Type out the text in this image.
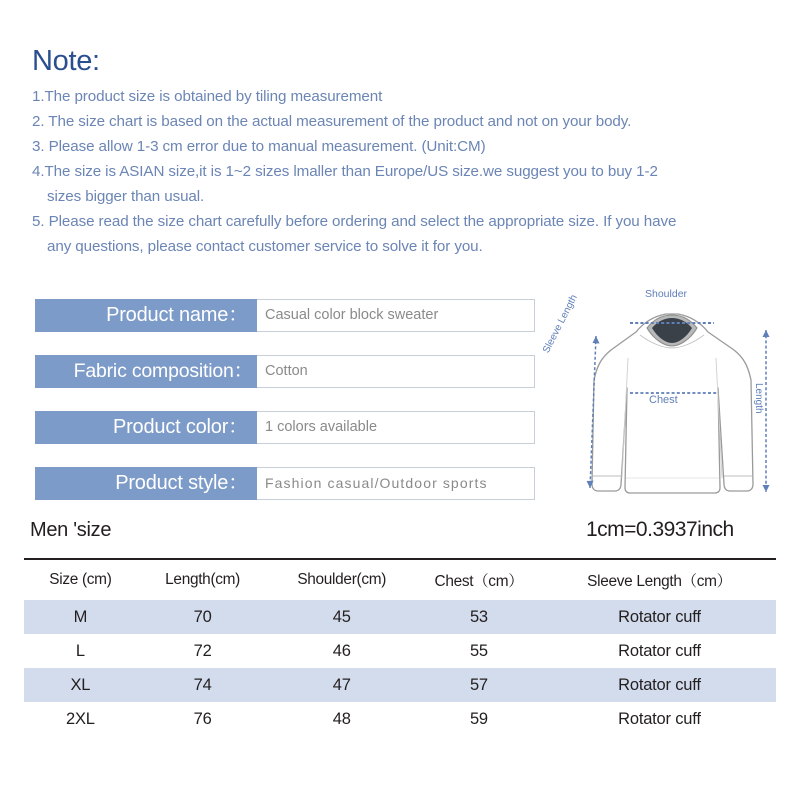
Note:
1.The product size is obtained by tiling measurement
2. The size chart is based on the actual measurement of the product and not on your body.
3. Please allow 1-3 cm error due to manual measurement. (Unit:CM)
4.The size is ASIAN size,it is 1~2 sizes lmaller than Europe/US size.we suggest you to buy 1-2
sizes bigger than usual.
5. Please read the size chart carefully before ordering and select the appropriate size. If you have
any questions, please contact customer service to solve it for you.
Product name：	Casual color block sweater
Fabric composition： Cotton
Product color：	1 colors available
Product style：	Fashion casual/Outdoor sports
Shoulder
Chest
Sleeve Length
Length
Men 'size	1cm=0.3937inch
Size (cm)	Length(cm)	Shoulder(cm)	Chest（cm）	Sleeve Length（cm）
M	70	45	53	Rotator cuff
L	72	46	55	Rotator cuff
XL	74	47	57	Rotator cuff
2XL	76	48	59	Rotator cuff
